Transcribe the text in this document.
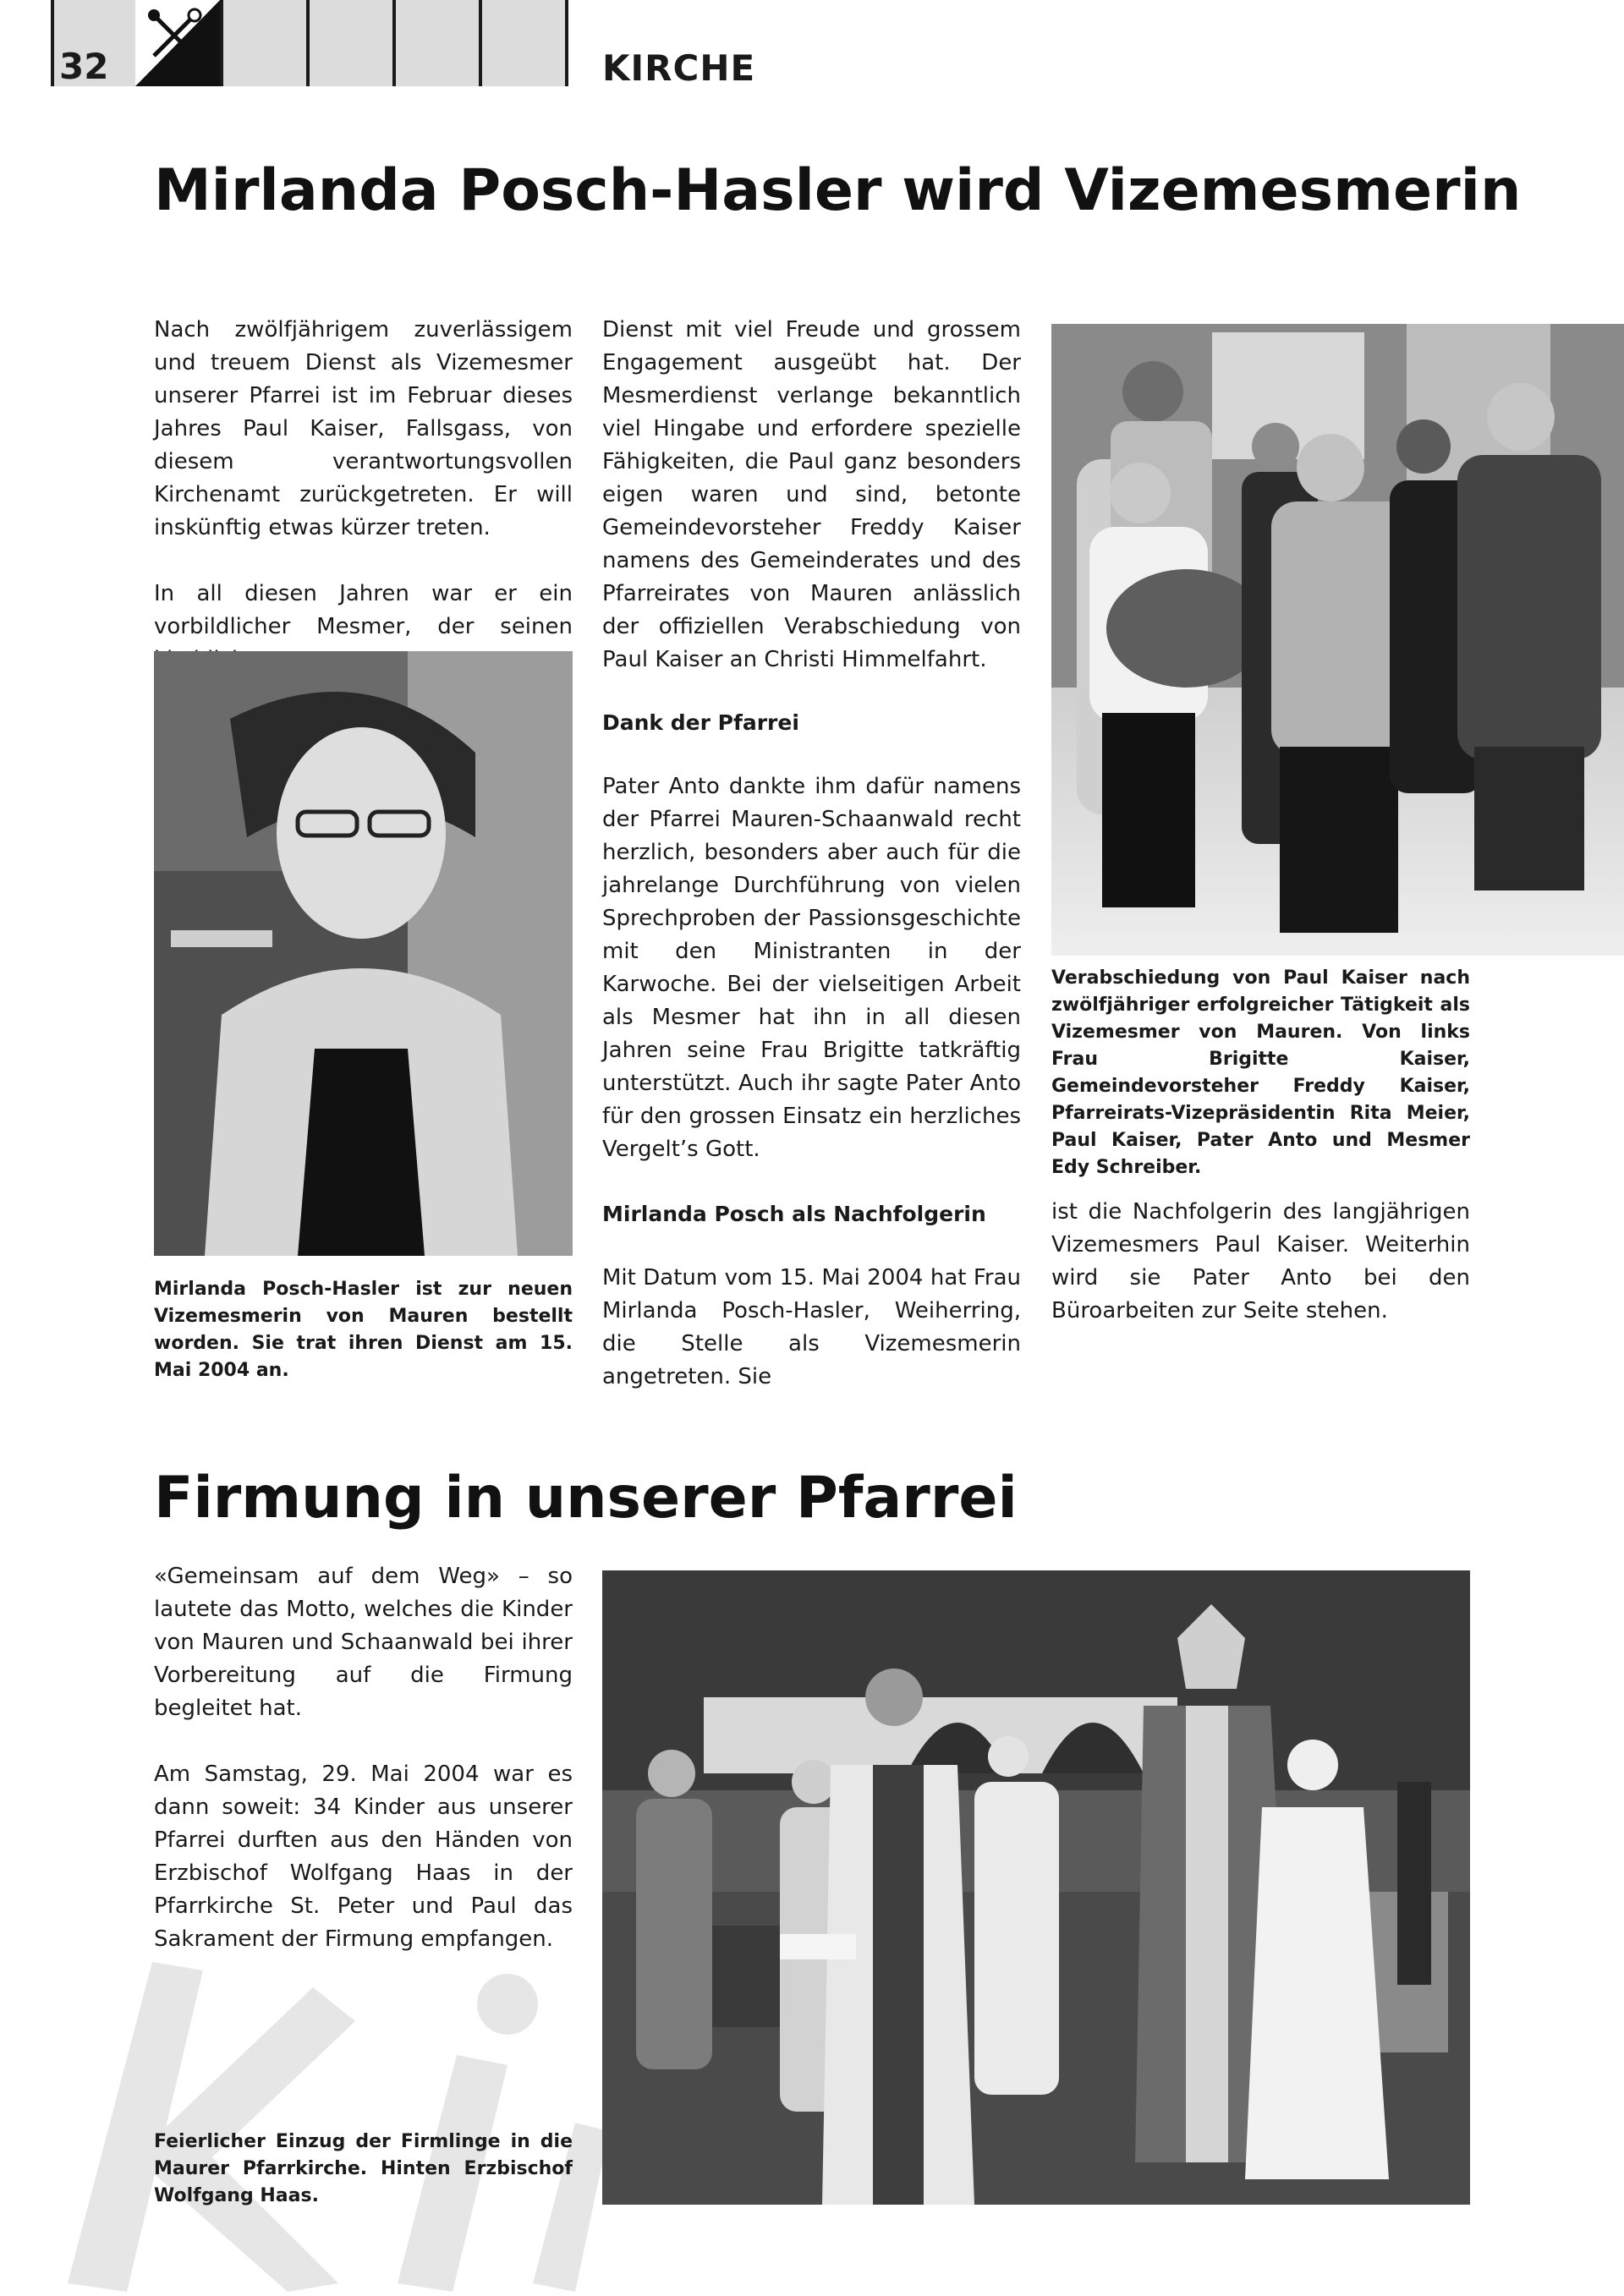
32	KIRCHE
Mirlanda Posch-Hasler wird Vizemesmerin

Nach zwölfjährigem zuverlässigem und treuem Dienst als Vizemesmer unserer Pfarrei ist im Februar dieses Jahres Paul Kaiser, Fallsgass, von diesem verantwortungsvollen Kirchenamt zurückgetreten. Er will inskünftig etwas kürzer treten.

In all diesen Jahren war er ein vorbildlicher Mesmer, der seinen

Dienst mit viel Freude und grossem Engagement ausgeübt hat. Der Mesmerdienst verlange bekanntlich viel Hingabe und erfordere spezielle Fähigkeiten, die Paul ganz besonders eigen waren und sind, betonte Gemeindevorsteher Freddy Kaiser namens des Gemeinderates und des Pfarreirates von Mauren anlässlich der offiziellen Verabschiedung von Paul Kaiser an Christi Himmelfahrt.

Dank der Pfarrei

Pater Anto dankte ihm dafür namens der Pfarrei Mauren-Schaanwald recht herzlich, besonders aber auch für die jahrelange Durchführung von vielen Sprechproben der Passionsgeschichte mit den Ministranten in der Karwoche. Bei der vielseitigen Arbeit als Mesmer hat ihn in all diesen Jahren seine Frau Brigitte tatkräftig unterstützt. Auch ihr sagte Pater Anto für den grossen Einsatz ein herzliches Vergelt’s Gott.

Mirlanda Posch als Nachfolgerin

Mit Datum vom 15. Mai 2004 hat Frau Mirlanda Posch-Hasler, Weiherring, die Stelle als Vizemesmerin angetreten. Sie

ist die Nachfolgerin des langjährigen Vizemesmers Paul Kaiser. Weiterhin wird sie Pater Anto bei den Büroarbeiten zur Seite stehen.

Verabschiedung von Paul Kaiser nach zwölfjähriger erfolgreicher Tätigkeit als Vizemesmer von Mauren. Von links Frau Brigitte Kaiser, Gemeindevorsteher Freddy Kaiser, Pfarreirats-Vizepräsidentin Rita Meier, Paul Kaiser, Pater Anto und Mesmer Edy Schreiber.
Mirlanda Posch-Hasler ist zur neuen Vizemesmerin von Mauren bestellt worden. Sie trat ihren Dienst am 15. Mai 2004 an.
Firmung in unserer Pfarrei

«Gemeinsam auf dem Weg» – so lautete das Motto, welches die Kinder von Mauren und Schaanwald bei ihrer Vorbereitung auf die Firmung begleitet hat.

Am Samstag, 29. Mai 2004 war es dann soweit: 34 Kinder aus unserer Pfarrei durften aus den Händen von Erzbischof Wolfgang Haas in der Pfarrkirche St. Peter und Paul das Sakrament der Firmung empfangen.

Feierlicher Einzug der Firmlinge in die Maurer Pfarrkirche. Hinten Erzbischof Wolfgang Haas.
